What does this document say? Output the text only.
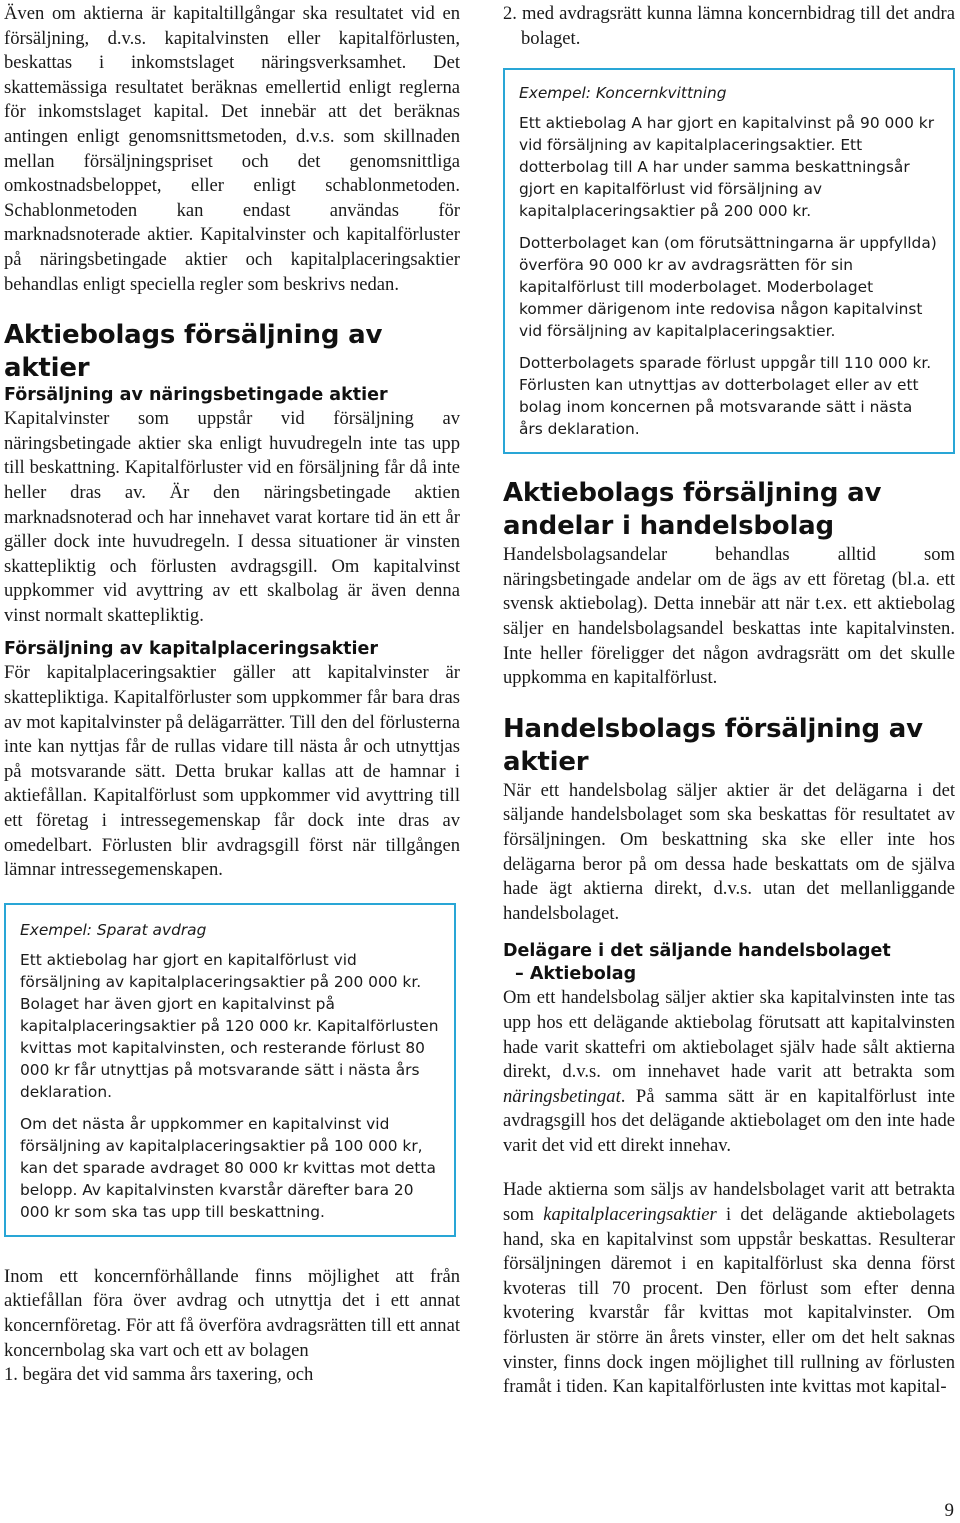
Även om aktierna är kapitaltillgångar ska resultatet vid en försäljning, d.v.s. kapitalvinsten eller kapitalförlusten, beskattas i inkomstslaget näringsverksamhet. Det skattemässiga resultatet beräknas emellertid enligt reglerna för inkomstslaget kapital. Det innebär att det beräknas antingen enligt genomsnittsmetoden, d.v.s. som skillnaden mellan försäljningspriset och det genomsnittliga omkostnadsbeloppet, eller enligt schablonmetoden. Schablonmetoden kan endast användas för marknadsnoterade aktier. Kapitalvinster och kapitalförluster på näringsbetingade aktier och kapitalplaceringsaktier behandlas enligt speciella regler som beskrivs nedan.

Aktiebolags försäljning av aktier
Försäljning av näringsbetingade aktier

Kapitalvinster som uppstår vid försäljning av näringsbetingade aktier ska enligt huvudregeln inte tas upp till beskattning. Kapitalförluster vid en försäljning får då inte heller dras av. Är den näringsbetingade aktien marknadsnoterad och har innehavet varat kortare tid än ett år gäller dock inte huvudregeln. I dessa situationer är vinsten skattepliktig och förlusten avdragsgill. Om kapitalvinst uppkommer vid avyttring av ett skalbolag är även denna vinst normalt skattepliktig.

Försäljning av kapitalplaceringsaktier

För kapitalplaceringsaktier gäller att kapitalvinster är skattepliktiga. Kapitalförluster som uppkommer får bara dras av mot kapitalvinster på delägarrätter. Till den del förlusterna inte kan nyttjas får de rullas vidare till nästa år och utnyttjas på motsvarande sätt. Detta brukar kallas att de hamnar i aktiefållan. Kapitalförlust som uppkommer vid avyttring till ett företag i intressegemenskap får dock inte dras av omedelbart. Förlusten blir avdragsgill först när tillgången lämnar intressegemenskapen.

Exempel: Sparat avdrag

Ett aktiebolag har gjort en kapitalförlust vid försäljning av kapitalplaceringsaktier på 200 000 kr. Bolaget har även gjort en kapitalvinst på kapitalplaceringsaktier på 120 000 kr. Kapitalförlusten kvittas mot kapitalvinsten, och resterande förlust 80 000 kr får utnyttjas på motsvarande sätt i nästa års deklaration.

Om det nästa år uppkommer en kapitalvinst vid försäljning av kapitalplaceringsaktier på 100 000 kr, kan det sparade avdraget 80 000 kr kvittas mot detta belopp. Av kapitalvinsten kvarstår därefter bara 20 000 kr som ska tas upp till beskattning.

Inom ett koncernförhållande finns möjlighet att från aktiefållan föra över avdrag och utnyttja det i ett annat koncernföretag. För att få överföra avdragsrätten till ett annat koncernbolag ska vart och ett av bolagen

1. begära det vid samma års taxering, och

2. med avdragsrätt kunna lämna koncernbidrag till det andra bolaget.

Exempel: Koncernkvittning

Ett aktiebolag A har gjort en kapitalvinst på 90 000 kr vid försäljning av kapitalplaceringsaktier. Ett dotterbolag till A har under samma beskattningsår gjort en kapitalförlust vid försäljning av kapitalplaceringsaktier på 200 000 kr.

Dotterbolaget kan (om förutsättningarna är uppfyllda) överföra 90 000 kr av avdragsrätten för sin kapitalförlust till moderbolaget. Moderbolaget kommer därigenom inte redovisa någon kapitalvinst vid försäljning av kapitalplaceringsaktier.

Dotterbolagets sparade förlust uppgår till 110 000 kr. Förlusten kan utnyttjas av dotterbolaget eller av ett bolag inom koncernen på motsvarande sätt i nästa års deklaration.

Aktiebolags försäljning av andelar i handelsbolag

Handelsbolagsandelar behandlas alltid som näringsbetingade andelar om de ägs av ett företag (bl.a. ett svensk aktiebolag). Detta innebär att när t.ex. ett aktiebolag säljer en handelsbolagsandel beskattas inte kapitalvinsten. Inte heller föreligger det någon avdragsrätt om det skulle uppkomma en kapitalförlust.

Handelsbolags försäljning av aktier

När ett handelsbolag säljer aktier är det delägarna i det säljande handelsbolaget som ska beskattas för resultatet av försäljningen. Om beskattning ska ske eller inte hos delägarna beror på om dessa hade beskattats om de själva hade ägt aktierna direkt, d.v.s. utan det mellanliggande handelsbolaget.

Delägare i det säljande handelsbolaget
– Aktiebolag

Om ett handelsbolag säljer aktier ska kapitalvinsten inte tas upp hos ett delägande aktiebolag förutsatt att kapitalvinsten hade varit skattefri om aktiebolaget själv hade sålt aktierna direkt, d.v.s. om innehavet hade varit att betrakta som näringsbetingat. På samma sätt är en kapitalförlust inte avdragsgill hos det delägande aktiebolaget om den inte hade varit det vid ett direkt innehav.

Hade aktierna som säljs av handelsbolaget varit att betrakta som kapitalplaceringsaktier i det delägande aktiebolagets hand, ska en kapitalvinst som uppstår beskattas. Resulterar försäljningen däremot i en kapitalförlust ska denna först kvoteras till 70 procent. Den förlust som efter denna kvotering kvarstår får kvittas mot kapitalvinster. Om förlusten är större än årets vinster, eller om det helt saknas vinster, finns dock ingen möjlighet till rullning av förlusten framåt i tiden. Kan kapitalförlusten inte kvittas mot kapital-

9
